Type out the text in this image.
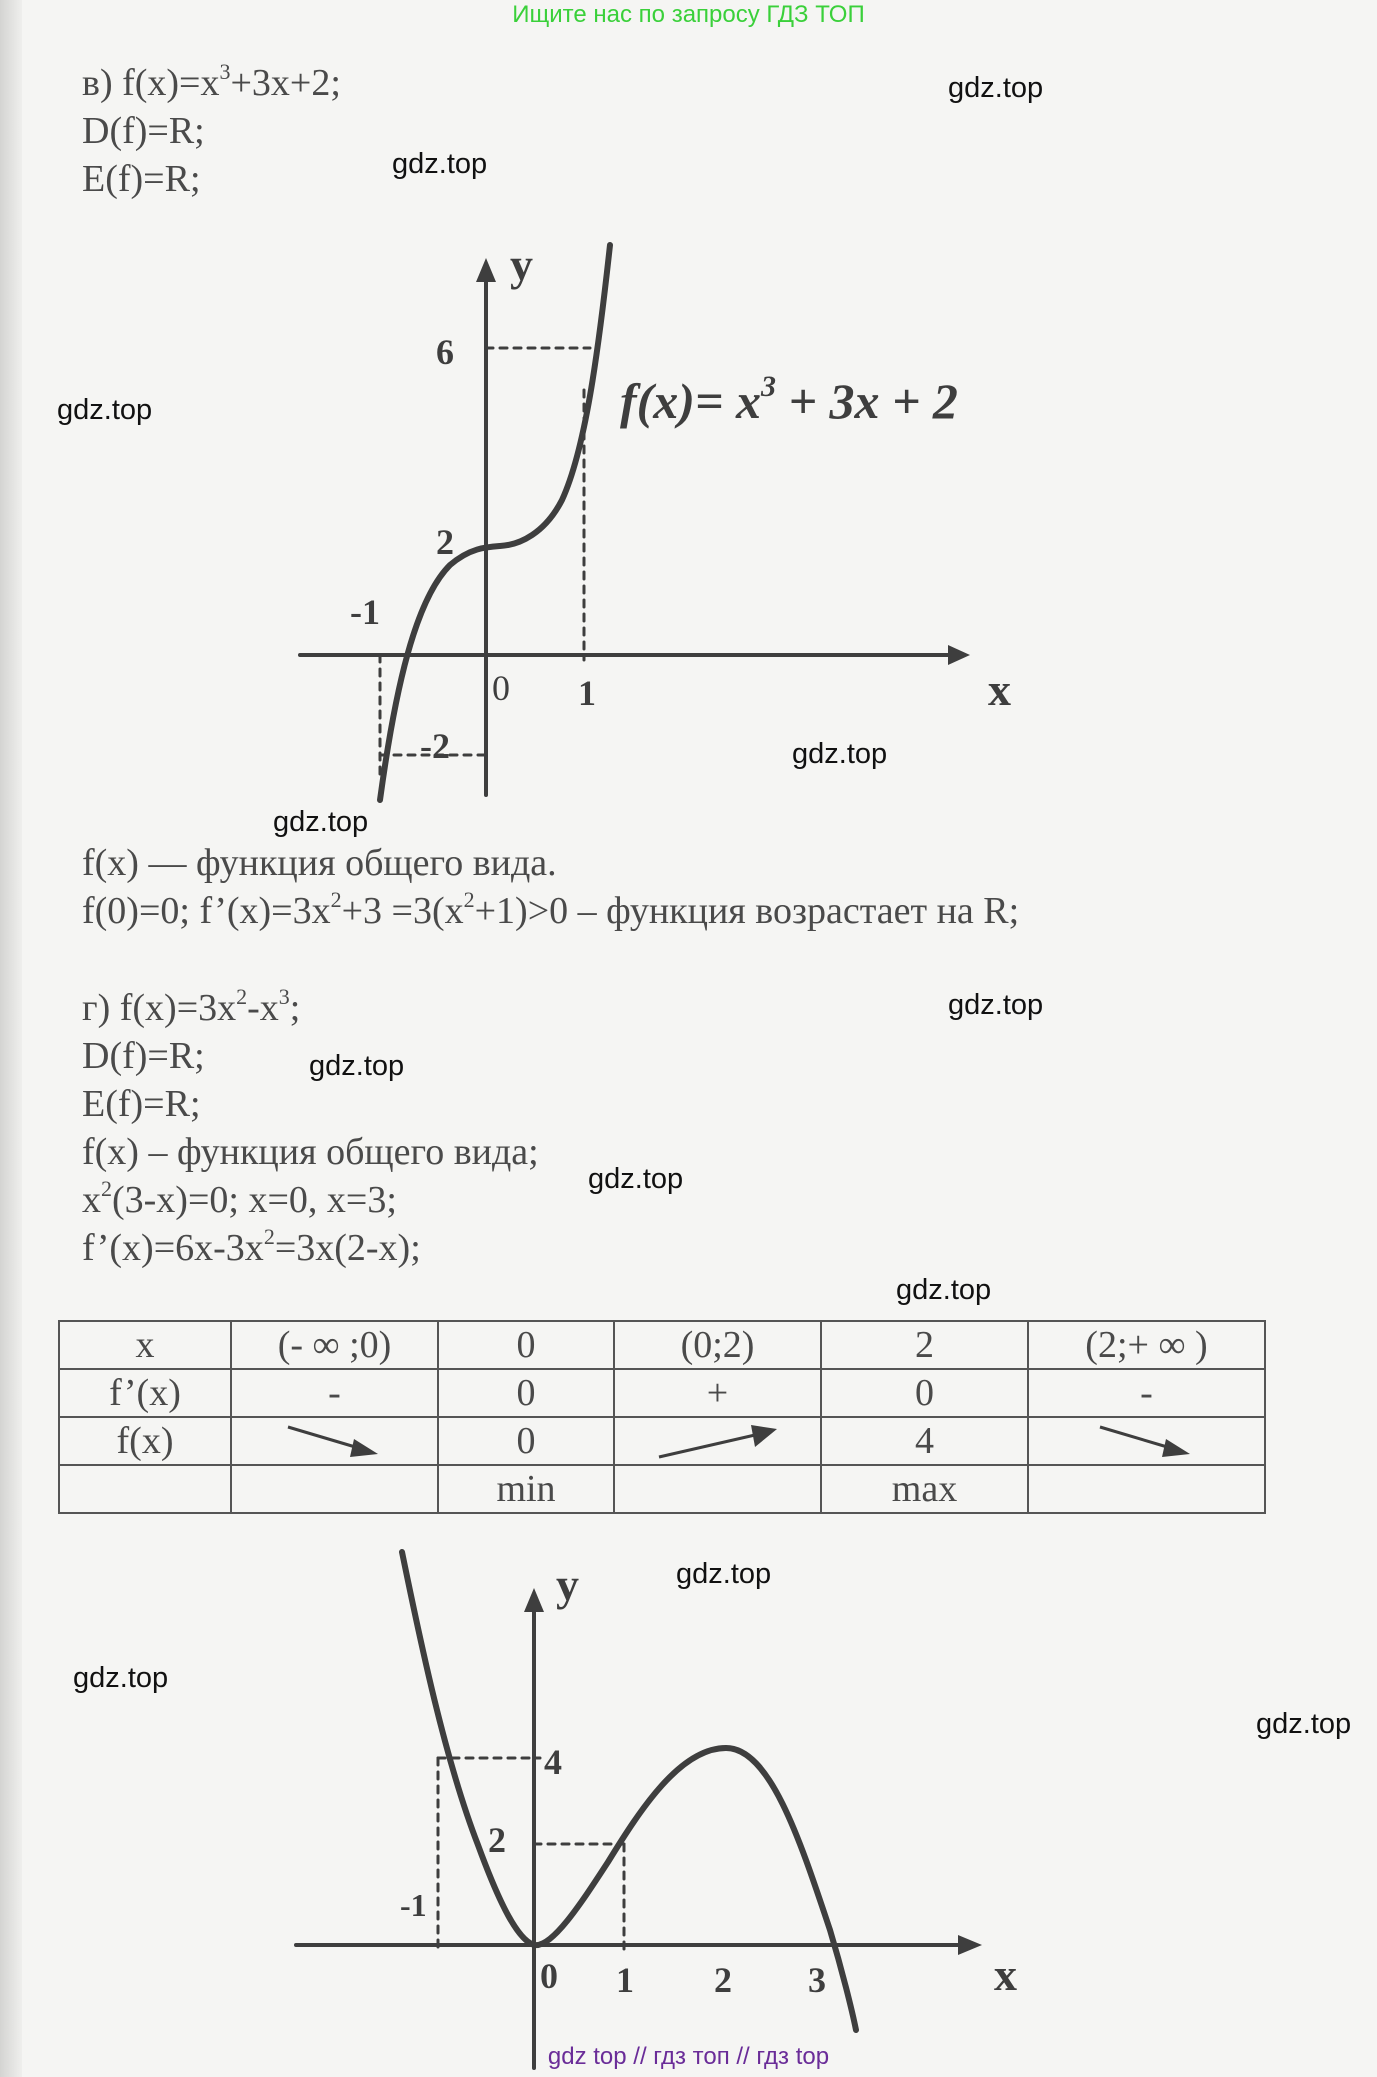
Ищите нас по запросу ГДЗ ТОП
gdz.top
gdz.top
gdz.top
gdz.top
gdz.top
gdz.top
gdz.top
gdz.top
gdz.top
gdz.top
gdz.top
gdz.top
в) $f(x)=x^3+3x+2$;
D(f)=R;
E(f)=R;
y
x
6
2
-1
0 1
-2
$f(x)= x^3 + 3x + 2$
f(x) — функция общего вида.
f(0)=0; $f’(x)=3x^2+3 =3(x^2+1)>0$ – функция возрастает на R;
г) $f(x)=3x^2-x^3$;
D(f)=R;
E(f)=R;
f(x) – функция общего вида;
$x^2(3-x)=0$; x=0, x=3;
$f’(x)=6x-3x^2=3x(2-x)$;
x	(- ∞ ;0)	0	(0;2)	2	(2;+ ∞ )
f’(x)	-	0	+	0	-
f(x)		0		4	

		min		max	
y
x
4
2
-1
0 1 2 3
gdz top // гдз топ // гдз top
